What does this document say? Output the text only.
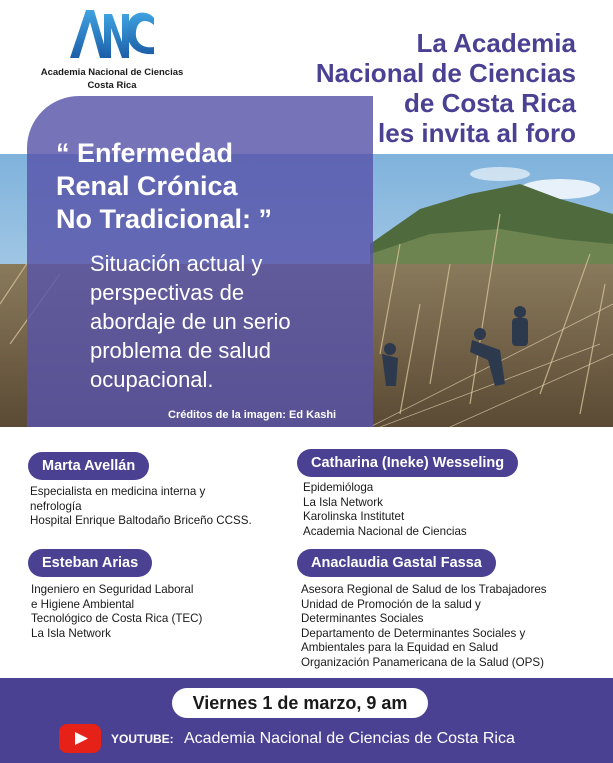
Academia Nacional de Ciencias
Costa Rica
La Academia
Nacional de Ciencias
de Costa Rica
les invita al foro
“ Enfermedad
Renal Crónica
No Tradicional: ”
Situación actual y
perspectivas de
abordaje de un serio
problema de salud
ocupacional.
Créditos de la imagen: Ed Kashi
Marta Avellán
Especialista en medicina interna y
nefrología
Hospital Enrique Baltodaño Briceño CCSS.
Catharina (Ineke) Wesseling
Epidemióloga
La Isla Network
Karolinska Institutet
Academia Nacional de Ciencias
Esteban Arias
Ingeniero en Seguridad Laboral
e Higiene Ambiental
Tecnológico de Costa Rica (TEC)
La Isla Network
Anaclaudia Gastal Fassa
Asesora Regional de Salud de los Trabajadores
Unidad de Promoción de la salud y
Determinantes Sociales
Departamento de Determinantes Sociales y
Ambientales para la Equidad en Salud
Organización Panamericana de la Salud (OPS)
Viernes 1 de marzo, 9 am
YOUTUBE: Academia Nacional de Ciencias de Costa Rica
